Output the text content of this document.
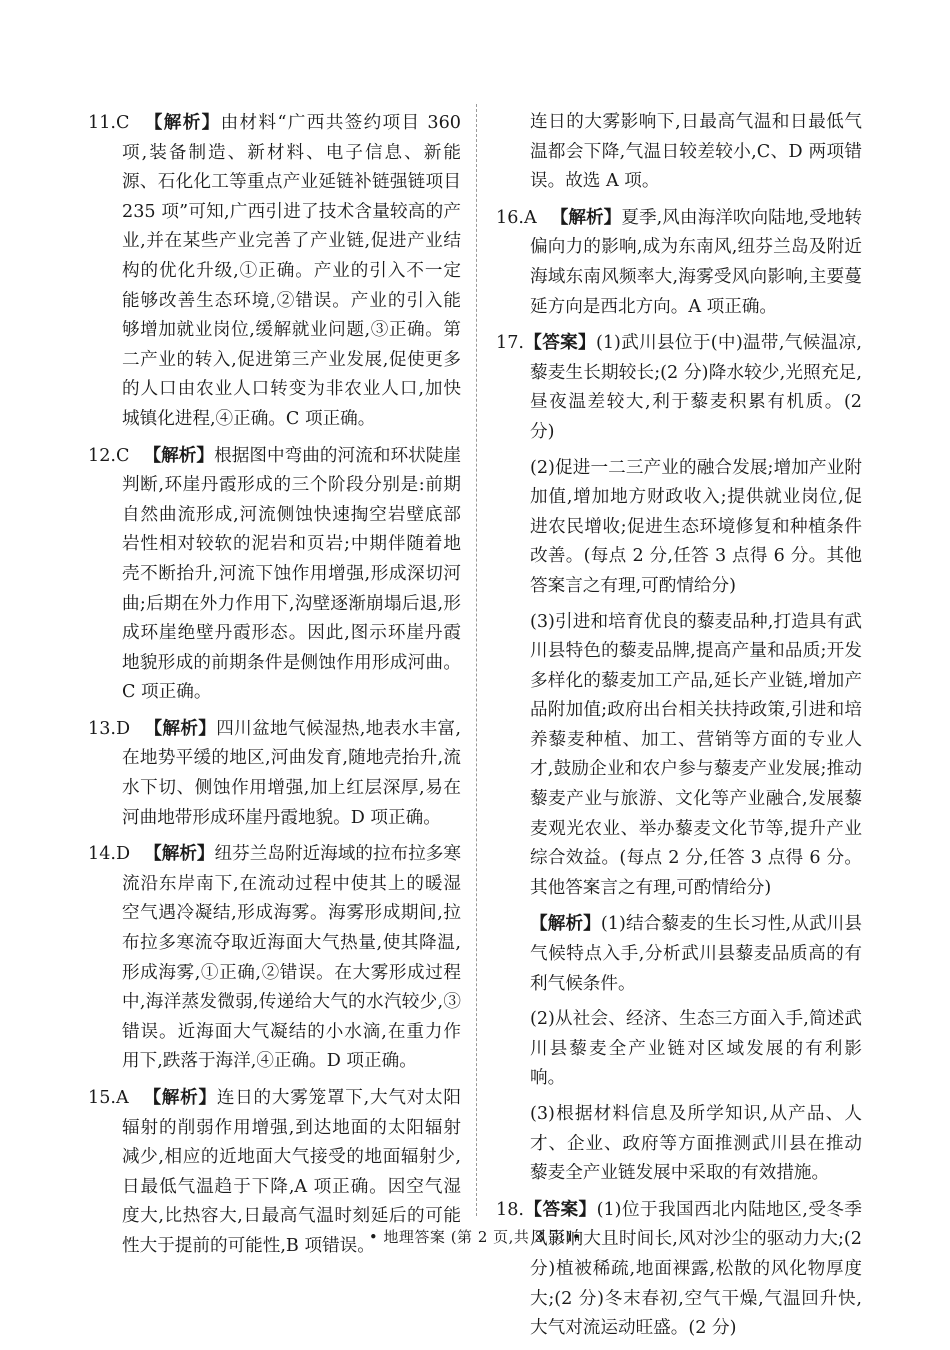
11.C 【解析】由材料“广西共签约项目 360 项,装备制造、新材料、电子信息、新能源、石化化工等重点产业延链补链强链项目 235 项”可知,广西引进了技术含量较高的产业,并在某些产业完善了产业链,促进产业结构的优化升级,①正确。产业的引入不一定能够改善生态环境,②错误。产业的引入能够增加就业岗位,缓解就业问题,③正确。第二产业的转入,促进第三产业发展,促使更多的人口由农业人口转变为非农业人口,加快城镇化进程,④正确。C 项正确。

12.C 【解析】根据图中弯曲的河流和环状陡崖判断,环崖丹霞形成的三个阶段分别是:前期自然曲流形成,河流侧蚀快速掏空岩壁底部岩性相对较软的泥岩和页岩;中期伴随着地壳不断抬升,河流下蚀作用增强,形成深切河曲;后期在外力作用下,沟壁逐渐崩塌后退,形成环崖绝壁丹霞形态。因此,图示环崖丹霞地貌形成的前期条件是侧蚀作用形成河曲。C 项正确。

13.D 【解析】四川盆地气候湿热,地表水丰富,在地势平缓的地区,河曲发育,随地壳抬升,流水下切、侧蚀作用增强,加上红层深厚,易在河曲地带形成环崖丹霞地貌。D 项正确。

14.D 【解析】纽芬兰岛附近海域的拉布拉多寒流沿东岸南下,在流动过程中使其上的暖湿空气遇冷凝结,形成海雾。海雾形成期间,拉布拉多寒流夺取近海面大气热量,使其降温,形成海雾,①正确,②错误。在大雾形成过程中,海洋蒸发微弱,传递给大气的水汽较少,③错误。近海面大气凝结的小水滴,在重力作用下,跌落于海洋,④正确。D 项正确。

15.A 【解析】连日的大雾笼罩下,大气对太阳辐射的削弱作用增强,到达地面的太阳辐射减少,相应的近地面大气接受的地面辐射少,日最低气温趋于下降,A 项正确。因空气湿度大,比热容大,日最高气温时刻延后的可能性大于提前的可能性,B 项错误。

连日的大雾影响下,日最高气温和日最低气温都会下降,气温日较差较小,C、D 两项错误。故选 A 项。

16.A 【解析】夏季,风由海洋吹向陆地,受地转偏向力的影响,成为东南风,纽芬兰岛及附近海域东南风频率大,海雾受风向影响,主要蔓延方向是西北方向。A 项正确。

17.【答案】(1)武川县位于(中)温带,气候温凉,藜麦生长期较长;(2 分)降水较少,光照充足,昼夜温差较大,利于藜麦积累有机质。(2 分)

(2)促进一二三产业的融合发展;增加产业附加值,增加地方财政收入;提供就业岗位,促进农民增收;促进生态环境修复和种植条件改善。(每点 2 分,任答 3 点得 6 分。其他答案言之有理,可酌情给分)

(3)引进和培育优良的藜麦品种,打造具有武川县特色的藜麦品牌,提高产量和品质;开发多样化的藜麦加工产品,延长产业链,增加产品附加值;政府出台相关扶持政策,引进和培养藜麦种植、加工、营销等方面的专业人才,鼓励企业和农户参与藜麦产业发展;推动藜麦产业与旅游、文化等产业融合,发展藜麦观光农业、举办藜麦文化节等,提升产业综合效益。(每点 2 分,任答 3 点得 6 分。其他答案言之有理,可酌情给分)

【解析】(1)结合藜麦的生长习性,从武川县气候特点入手,分析武川县藜麦品质高的有利气候条件。

(2)从社会、经济、生态三方面入手,简述武川县藜麦全产业链对区域发展的有利影响。

(3)根据材料信息及所学知识,从产品、人才、企业、政府等方面推测武川县在推动藜麦全产业链发展中采取的有效措施。

18.【答案】(1)位于我国西北内陆地区,受冬季风影响大且时间长,风对沙尘的驱动力大;(2 分)植被稀疏,地面裸露,松散的风化物厚度大;(2 分)冬末春初,空气干燥,气温回升快,大气对流运动旺盛。(2 分)

• 地理答案 (第 2 页,共 3 页)•
